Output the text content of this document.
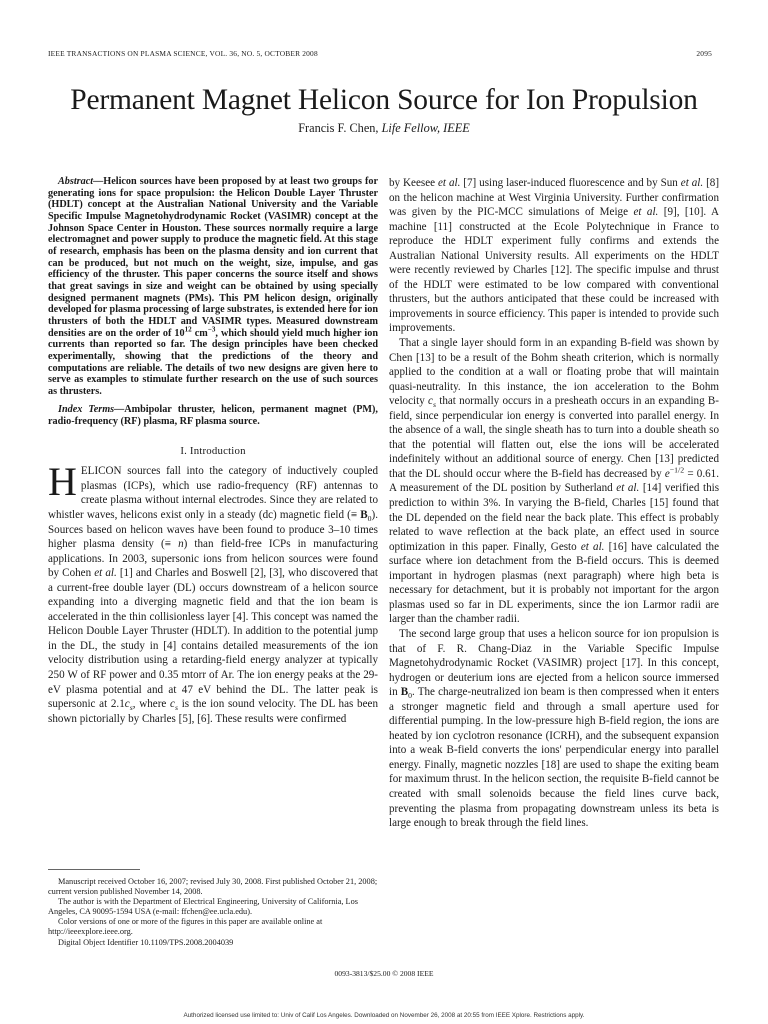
IEEE TRANSACTIONS ON PLASMA SCIENCE, VOL. 36, NO. 5, OCTOBER 2008	2095
Permanent Magnet Helicon Source for Ion Propulsion
Francis F. Chen, Life Fellow, IEEE

Abstract—Helicon sources have been proposed by at least two groups for generating ions for space propulsion: the Helicon Double Layer Thruster (HDLT) concept at the Australian National University and the Variable Specific Impulse Magnetohydrodynamic Rocket (VASIMR) concept at the Johnson Space Center in Houston. These sources normally require a large electromagnet and power supply to produce the magnetic field. At this stage of research, emphasis has been on the plasma density and ion current that can be produced, but not much on the weight, size, impulse, and gas efficiency of the thruster. This paper concerns the source itself and shows that great savings in size and weight can be obtained by using specially designed permanent magnets (PMs). This PM helicon design, originally developed for plasma processing of large substrates, is extended here for ion thrusters of both the HDLT and VASIMR types. Measured downstream densities are on the order of $10^{12}$ $cm^{-3}$, which should yield much higher ion currents than reported so far. The design principles have been checked experimentally, showing that the predictions of the theory and computations are reliable. The details of two new designs are given here to serve as examples to stimulate further research on the use of such sources as thrusters.

Index Terms—Ambipolar thruster, helicon, permanent magnet (PM), radio-frequency (RF) plasma, RF plasma source.
I. Introduction

HELICON sources fall into the category of inductively coupled plasmas (ICPs), which use radio-frequency (RF) antennas to create plasma without internal electrodes. Since they are related to whistler waves, helicons exist only in a steady (dc) magnetic field (≡ $B_0$). Sources based on helicon waves have been found to produce 3–10 times higher plasma density (≡ n) than field-free ICPs in manufacturing applications. In 2003, supersonic ions from helicon sources were found by Cohen et al. [1] and Charles and Boswell [2], [3], who discovered that a current-free double layer (DL) occurs downstream of a helicon source expanding into a diverging magnetic field and that the ion beam is accelerated in the thin collisionless layer [4]. This concept was named the Helicon Double Layer Thruster (HDLT). In addition to the potential jump in the DL, the study in [4] contains detailed measurements of the ion velocity distribution using a retarding-field energy analyzer at typically 250 W of RF power and 0.35 mtorr of Ar. The ion energy peaks at the 29-eV plasma potential and at 47 eV behind the DL. The latter peak is supersonic at $2.1c_s$, where $c_s$ is the ion sound velocity. The DL has been shown pictorially by Charles [5], [6]. These results were confirmed

Manuscript received October 16, 2007; revised July 30, 2008. First published October 21, 2008; current version published November 14, 2008.

The author is with the Department of Electrical Engineering, University of California, Los Angeles, CA 90095-1594 USA (e-mail: ffchen@ee.ucla.edu).

Color versions of one or more of the figures in this paper are available online at http://ieeexplore.ieee.org.

Digital Object Identifier 10.1109/TPS.2008.2004039

by Keesee et al. [7] using laser-induced fluorescence and by Sun et al. [8] on the helicon machine at West Virginia University. Further confirmation was given by the PIC-MCC simulations of Meige et al. [9], [10]. A machine [11] constructed at the Ecole Polytechnique in France to reproduce the HDLT experiment fully confirms and extends the Australian National University results. All experiments on the HDLT were recently reviewed by Charles [12]. The specific impulse and thrust of the HDLT were estimated to be low compared with conventional thrusters, but the authors anticipated that these could be increased with improvements in source efficiency. This paper is intended to provide such improvements.

That a single layer should form in an expanding B-field was shown by Chen [13] to be a result of the Bohm sheath criterion, which is normally applied to the condition at a wall or floating probe that will maintain quasi-neutrality. In this instance, the ion acceleration to the Bohm velocity $c_s$ that normally occurs in a presheath occurs in an expanding B-field, since perpendicular ion energy is converted into parallel energy. In the absence of a wall, the single sheath has to turn into a double sheath so that the potential will flatten out, else the ions will be accelerated indefinitely without an additional source of energy. Chen [13] predicted that the DL should occur where the B-field has decreased by $e^{-1/2} = 0.61$. A measurement of the DL position by Sutherland et al. [14] verified this prediction to within 3%. In varying the B-field, Charles [15] found that the DL depended on the field near the back plate. This effect is probably related to wave reflection at the back plate, an effect used in source optimization in this paper. Finally, Gesto et al. [16] have calculated the surface where ion detachment from the B-field occurs. This is deemed important in hydrogen plasmas (next paragraph) where high beta is necessary for detachment, but it is probably not important for the argon plasmas used so far in DL experiments, since the ion Larmor radii are larger than the chamber radii.

The second large group that uses a helicon source for ion propulsion is that of F. R. Chang-Diaz in the Variable Specific Impulse Magnetohydrodynamic Rocket (VASIMR) project [17]. In this concept, hydrogen or deuterium ions are ejected from a helicon source immersed in $B_0$. The charge-neutralized ion beam is then compressed when it enters a stronger magnetic field and through a small aperture used for differential pumping. In the low-pressure high B-field region, the ions are heated by ion cyclotron resonance (ICRH), and the subsequent expansion into a weak B-field converts the ions' perpendicular energy into parallel energy. Finally, magnetic nozzles [18] are used to shape the exiting beam for maximum thrust. In the helicon section, the requisite B-field cannot be created with small solenoids because the field lines curve back, preventing the plasma from propagating downstream unless its beta is large enough to break through the field lines.

0093-3813/$25.00 © 2008 IEEE
Authorized licensed use limited to: Univ of Calif Los Angeles. Downloaded on November 26, 2008 at 20:55 from IEEE Xplore. Restrictions apply.
